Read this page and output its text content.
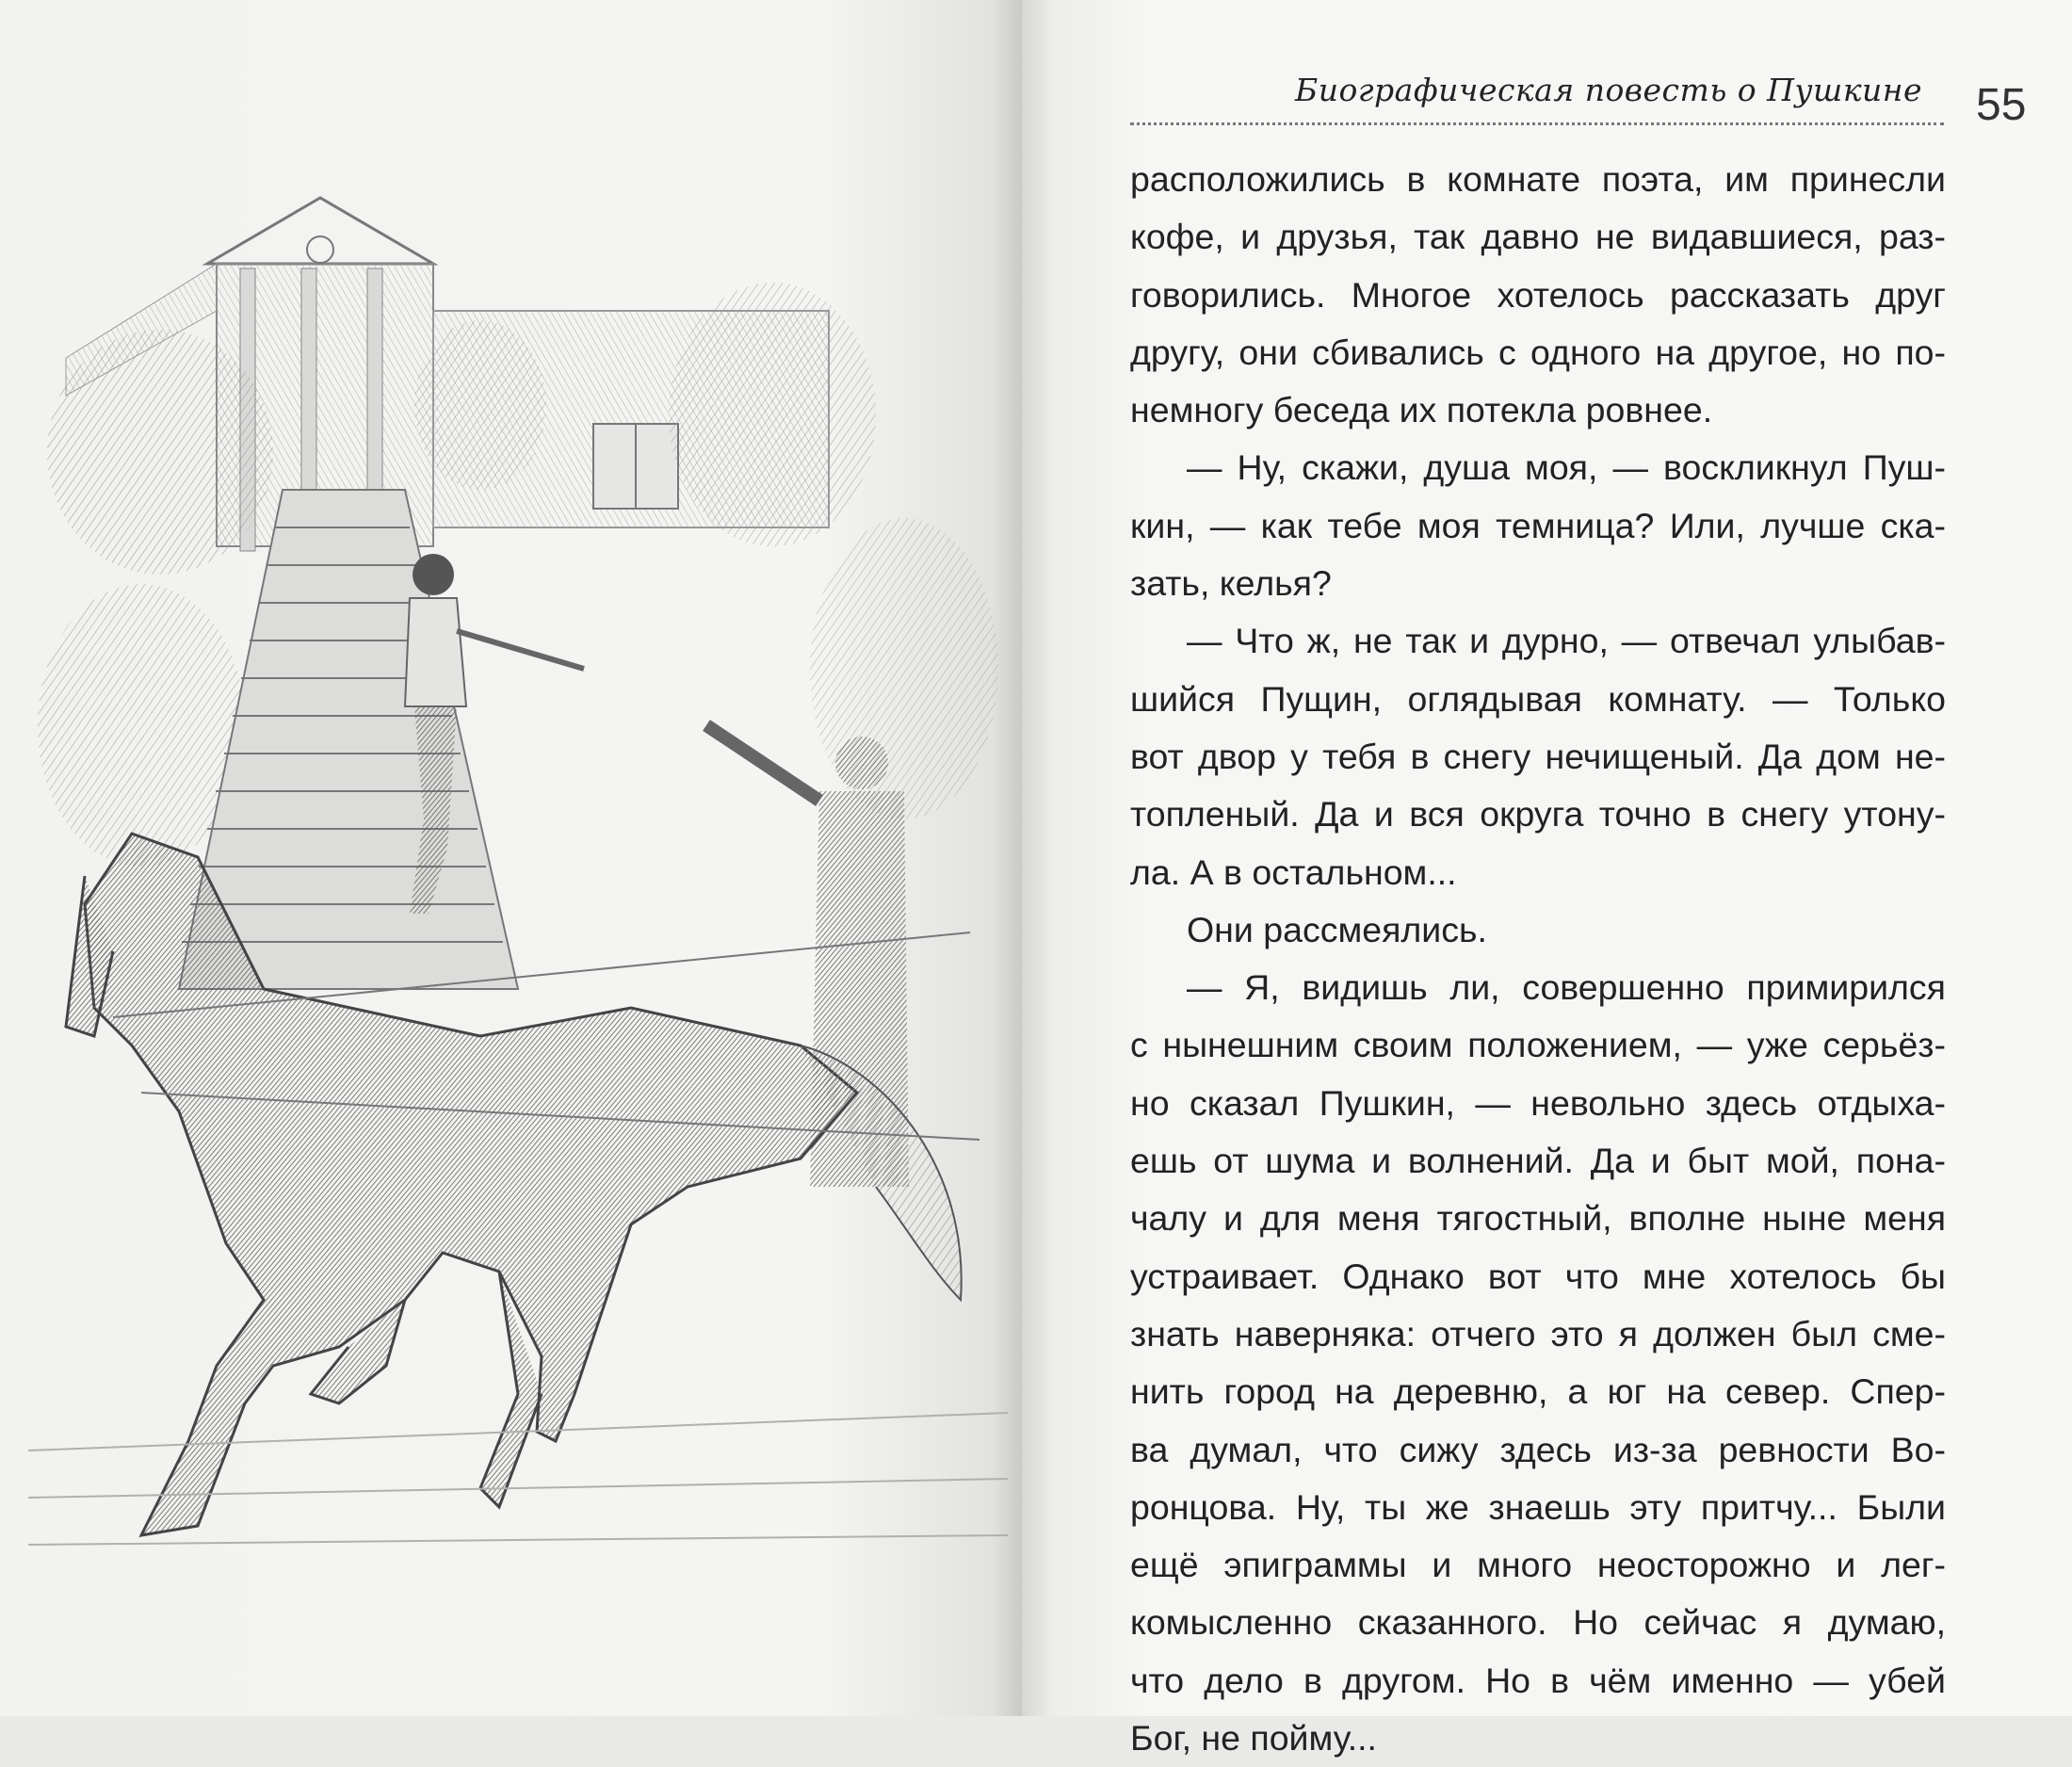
Биографическая повесть о Пушкине 55
расположились в комнате поэта, им принесли
кофе, и друзья, так давно не видавшиеся, раз-
говорились. Многое хотелось рассказать друг
другу, они сбивались с одного на другое, но по-
немногу беседа их потекла ровнее.
— Ну, скажи, душа моя, — воскликнул Пуш-
кин, — как тебе моя темница? Или, лучше ска-
зать, келья?
— Что ж, не так и дурно, — отвечал улыбав-
шийся Пущин, оглядывая комнату. — Только
вот двор у тебя в снегу нечищеный. Да дом не-
топленый. Да и вся округа точно в снегу утону-
ла. А в остальном...
Они рассмеялись.
— Я, видишь ли, совершенно примирился
с нынешним своим положением, — уже серьёз-
но сказал Пушкин, — невольно здесь отдыха-
ешь от шума и волнений. Да и быт мой, пона-
чалу и для меня тягостный, вполне ныне меня
устраивает. Однако вот что мне хотелось бы
знать наверняка: отчего это я должен был сме-
нить город на деревню, а юг на север. Спер-
ва думал, что сижу здесь из-за ревности Во-
ронцова. Ну, ты же знаешь эту притчу... Были
ещё эпиграммы и много неосторожно и лег-
комысленно сказанного. Но сейчас я думаю,
что дело в другом. Но в чём именно — убей
Бог, не пойму...
